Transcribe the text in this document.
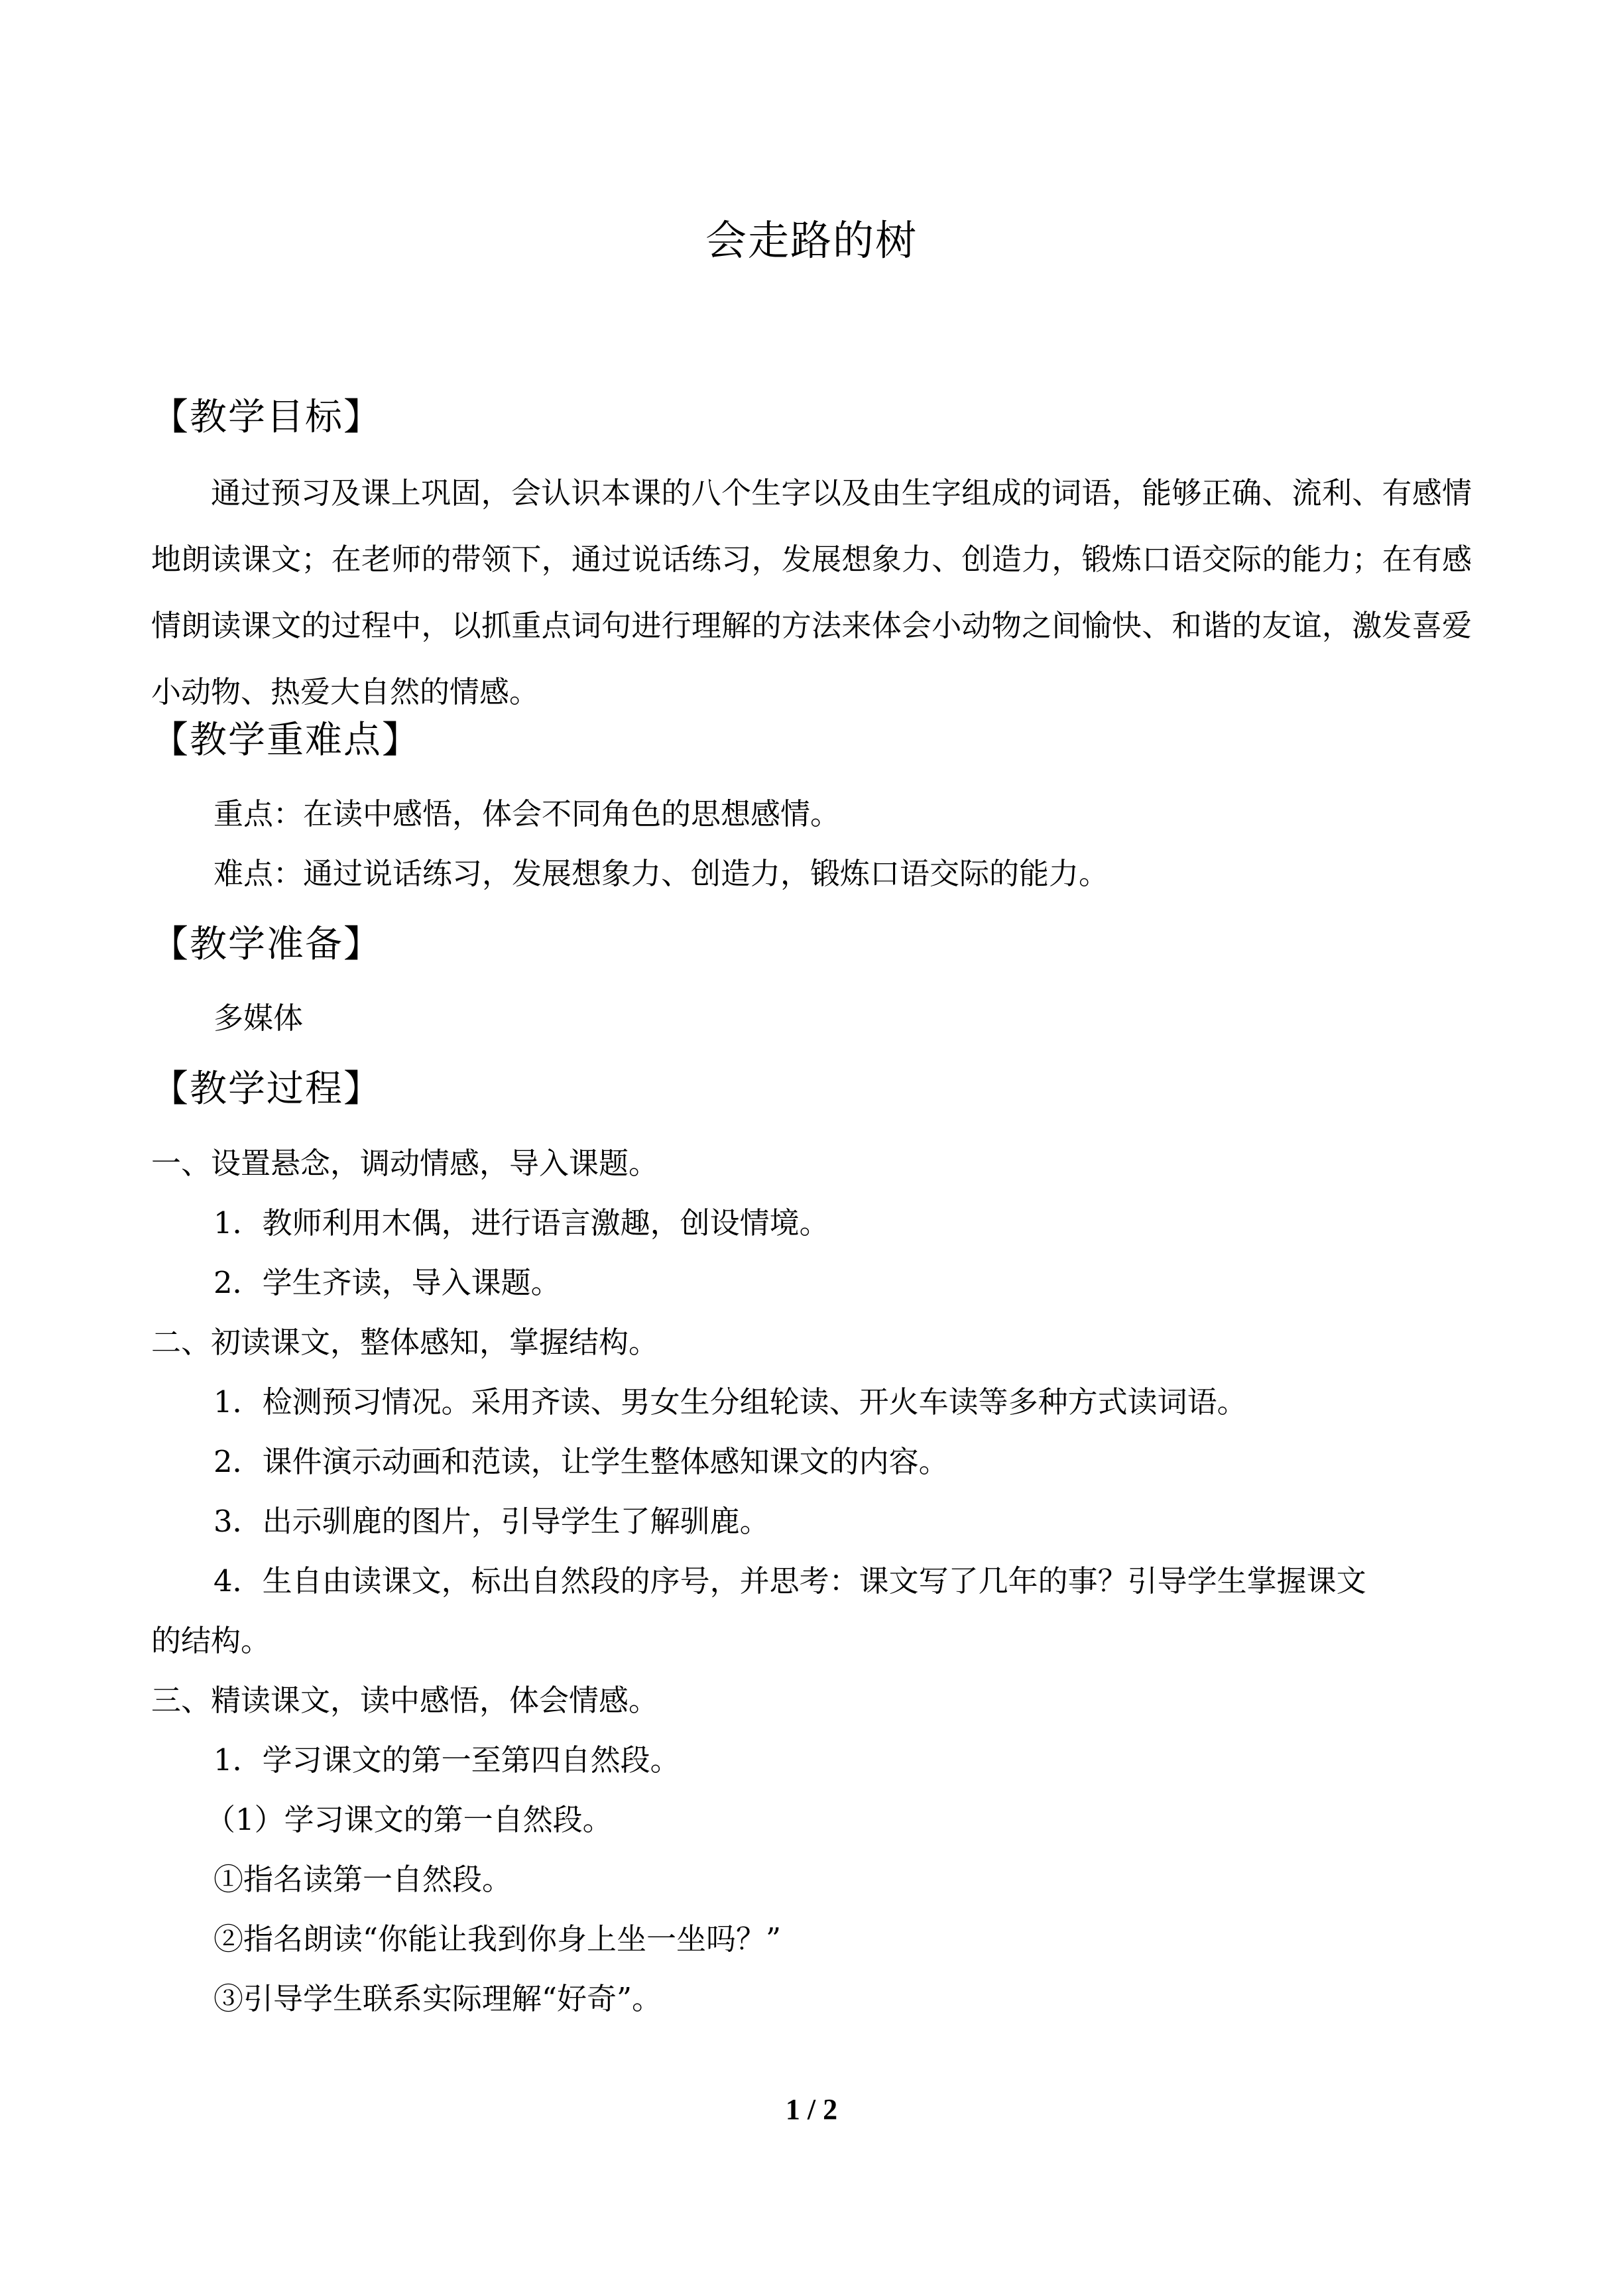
会走路的树
【教学目标】
通过预习及课上巩固，会认识本课的八个生字以及由生字组成的词语，能够正确、流利、有感情地朗读课文；在老师的带领下，通过说话练习，发展想象力、创造力，锻炼口语交际的能力；在有感情朗读课文的过程中，以抓重点词句进行理解的方法来体会小动物之间愉快、和谐的友谊，激发喜爱小动物、热爱大自然的情感。
【教学重难点】
重点：在读中感悟，体会不同角色的思想感情。
难点：通过说话练习，发展想象力、创造力，锻炼口语交际的能力。
【教学准备】
多媒体
【教学过程】
一、设置悬念，调动情感，导入课题。
1．教师利用木偶，进行语言激趣，创设情境。
2．学生齐读，导入课题。
二、初读课文，整体感知，掌握结构。
1．检测预习情况。采用齐读、男女生分组轮读、开火车读等多种方式读词语。
2．课件演示动画和范读，让学生整体感知课文的内容。
3．出示驯鹿的图片，引导学生了解驯鹿。
4．生自由读课文，标出自然段的序号，并思考：课文写了几年的事？引导学生掌握课文
的结构。
三、精读课文，读中感悟，体会情感。
1．学习课文的第一至第四自然段。
（1）学习课文的第一自然段。
①指名读第一自然段。
②指名朗读“你能让我到你身上坐一坐吗？”
③引导学生联系实际理解“好奇”。
1 / 2
